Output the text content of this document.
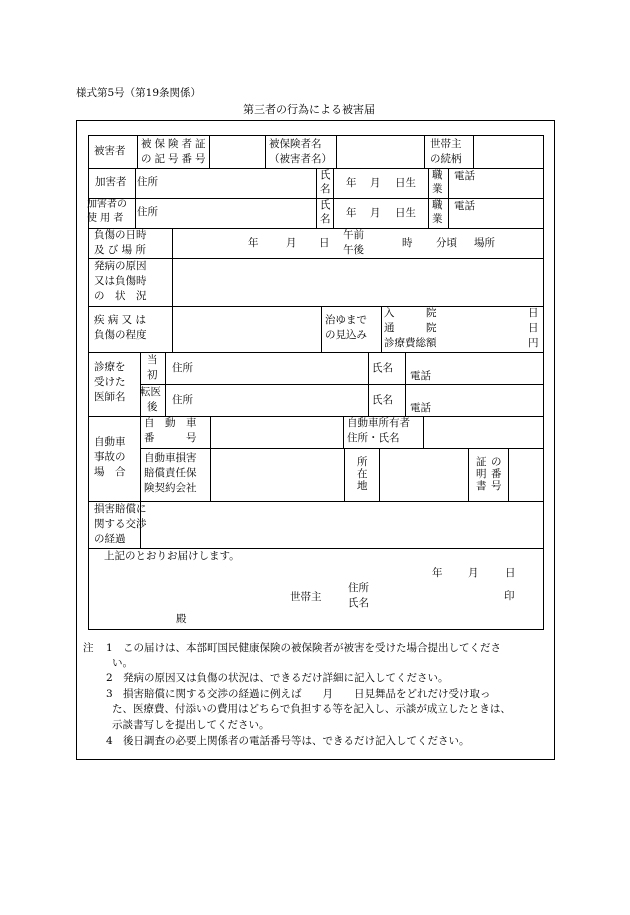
様式第5号（第19条関係）
第三者の行為による被害届
被害者
被保険者証
の記号番号
被保険者名
（被害者名）
世帯主
の続柄
加害者 住所
氏
名 年 月 日生
職
業
電話
加害者の
使 用 者
住所
氏
名 年 月 日生
職
業
電話
負傷の日時
及 び 場 所
年	月 日
午前
午後
時 分頃 場所
発病の原因
又は負傷時
の　状　況
疾 病 又 は
負傷の程度
治ゆまで
の見込み
入　　　院
通　　　院
診療費総額
日
日
円
診療を
受けた
医師名
当
初
転医
後
住所
住所
氏名
氏名
電話
電話
自動車
事故の
場　合
自　動　車
番　　　号
自動車所有者
住所・氏名
自動車損害
賠償責任保
険契約会社
所
在
地
証
明
書
の
番
号
損害賠償に
関する交渉
の経過
上記のとおりお届けします。
年 月	日
世帯主
住所
氏名
印
殿
注 1 この届けは、本部町国民健康保険の被保険者が被害を受けた場合提出してくださ
い。
2 発病の原因又は負傷の状況は、できるだけ詳細に記入してください。
3 損害賠償に関する交渉の経過に例えば　　月　　日見舞品をどれだけ受け取っ
た、医療費、付添いの費用はどちらで負担する等を記入し、示談が成立したときは、
示談書写しを提出してください。
4 後日調査の必要上関係者の電話番号等は、できるだけ記入してください。
